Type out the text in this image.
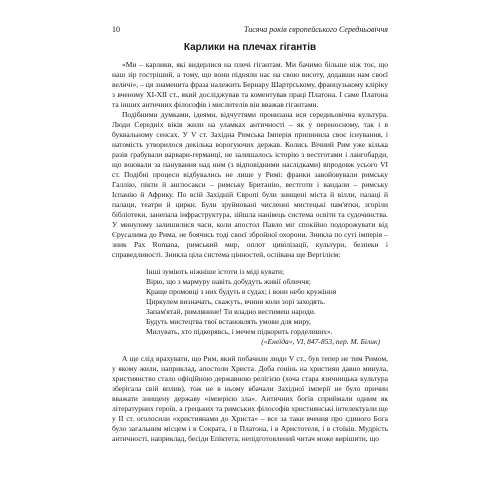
10	Тисяча років європейського Середньовіччя
Карлики на плечах гігантів

«Ми – карлики, які видерлися на плечі гігантам. Ми бачимо більше ніж тоє, що наш зір гостріший, а тому, що вони підняли нас на свою висоту, додавши нам своєї величі», – ця знаменита фраза належить Бернару Шартрському, французькому кліріку з вченому XI-XII ст., який досліджував та коментував праці Платона. І саме Платона та інших античних філософів і мислителів він вважав гігантами.

Подібними думками, ідеями, відчуттями пронизана вся середньовічна культура. Люди Середніх віків жили на уламках античності – як у переносному, так і в буквальному сенсах. У V ст. Західна Римська Імперія припинила своє існування, і натомість утворилося декілька ворогуючих держав. Колись Вічний Рим уже кілька разів грабували варвари-германці, не залишалось історію з вестготами і лангобарди, що воювали за панування над ним (з відповідними наслідками) впродовж усього VI ст. Подібні процеси відбувались не лише у Римі: франки завойовували римську Галлію, пікти й англосакси – римську Британію, вестготи і вандали – римську Іспанію й Африку. По всій Західній Європі були знищені міста й вілли, палаці й палаци, театри й цирки. Були зруйновані численні мистецькі пам'ятки, згоріли бібліотеки, занепала інфраструктура, зійшла нанівець система освіти та судочинства. У минулому залишилися часи, коли апостол Павло міг спокійно подорожувати від Єрусалима до Рима, не боячись тоді своєї збройної охорони. Зникла по суті імперія – зник Pax Romana, римський мир, оплот цивілізації, культури, безпеки і справедливості. Зникла ціла система цінностей, оспівана ще Вергілієм:

Інші зуміють ніжніше істоти із міді кувати;
Вірю, що з мармуру навіть добудуть живії обличчя;
Краще промовці з них будуть в судах; і вони небо кружіння
Циркулем визначать, скажуть, вчини коли зорі заходять.
Запам'ятай, римлянине! Ти владно вестимеш народи.
Будуть мистецтва твої встановлять умови для миру,
Милувать, хто підкорявсь, і мечем підкорить горделивих».
(«Енеїда», VI, 847-853, пер. М. Білик)

А ще слід врахувати, що Рим, який побачили люди V ст., був тепер не тим Римом, у якому жили, наприклад, апостоли Христа. Доба гонінь на християн давно минула, християнство стало офіційною державною релігією (хоча стара язичницька культура зберігала свій вплив), тож не в ньому вбачали Західної імперії не було причин вважати знищену державу «імперією зла». Античних богів сприймали одним як літературних героїв, а грецьких та римських філософів християнські інтелектуали ще у II ст. оголосили «християнами до Христа» – все за таки вчення про єдиного Бога було загальним місцем і в Сократа, і в Платона, і в Аристотеля, і в стоїків. Мудрість античності, наприклад, бесіди Епіктета, непідготовлений читач може вирішити, що
